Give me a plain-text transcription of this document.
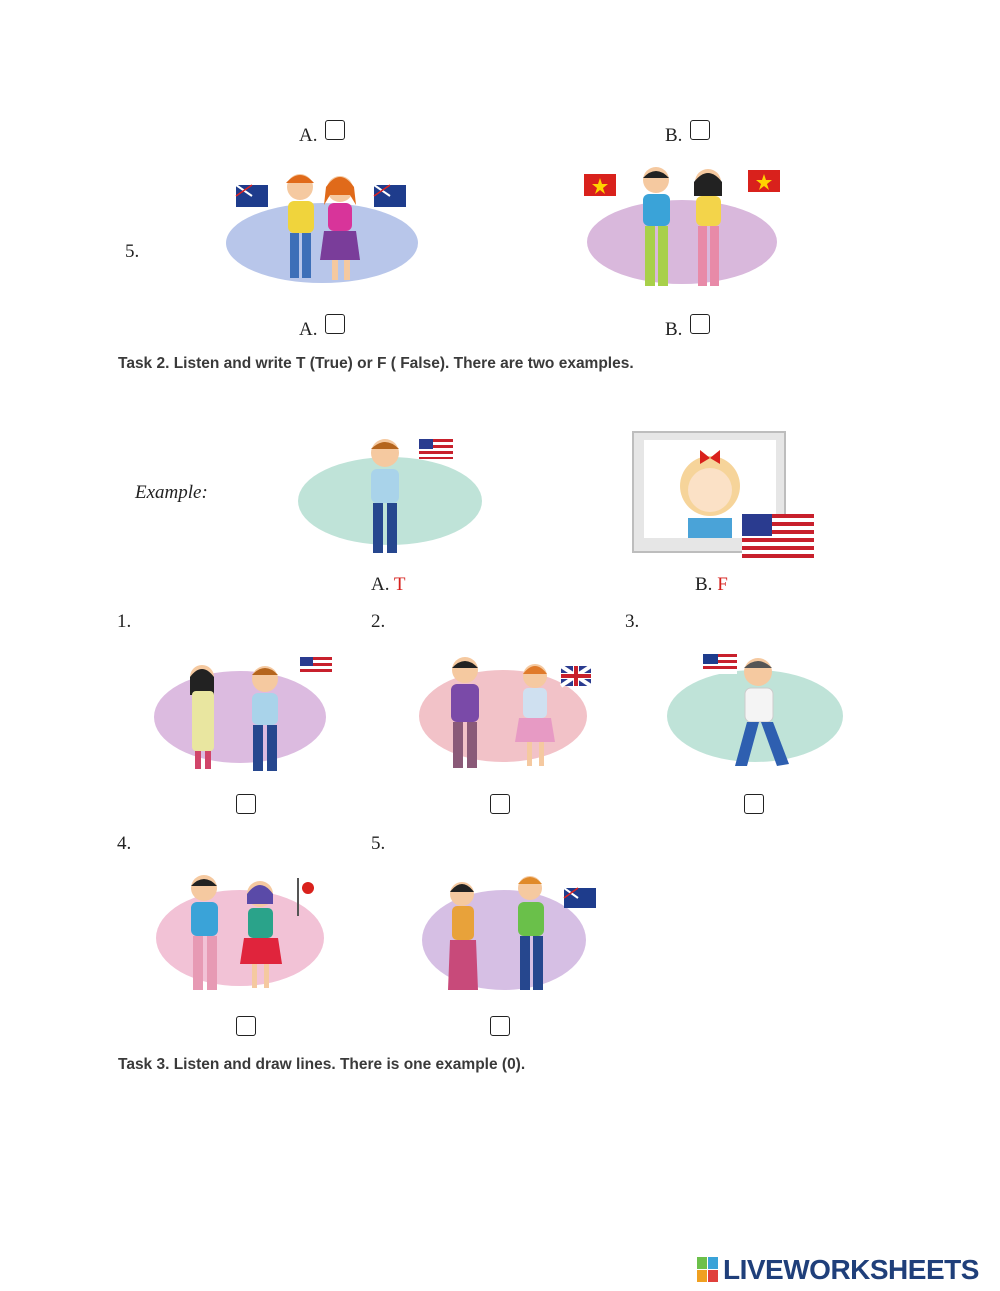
A.	B.
5.
A.	B.
Task 2. Listen and write T (True) or F ( False). There are two examples.
Example:
A. T	B. F
1.	2.	3.
4.	5.
Task 3. Listen and draw lines. There is one example (0).
LIVEWORKSHEETS
